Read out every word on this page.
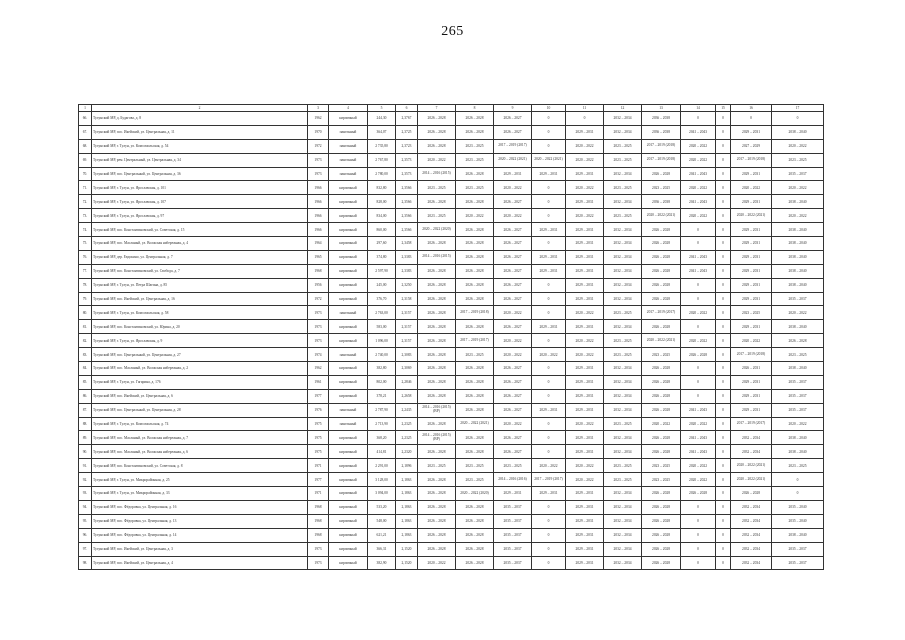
265
1	2	3	4	5	6	7	8	9	10	11	12	13	14	15	16	17
66.	Тулунский МР, д. Будагова, д. 8	1962	кирпичный	244,30	2,3767	2026 – 2028	2026 – 2028	2026 – 2027	0	0	2032 – 2034	2036 – 2038	0	0	0	0
67.	Тулунский МР, пос. Икейский, ул. Центральная, д. 11	1970	панельный	364,07	2,3725	2026 – 2028	2026 – 2028	2026 – 2027	0	2029 – 2031	2032 – 2034	2036 – 2038	2041 – 2043	0	2029 – 2031	2038 – 2040
68.	Тулунский МР, г. Тулун, ул. Комсомольская, д. 54	1972	панельный	2 735,80	2,3723	2026 – 2028	2023 – 2025	2017 – 2019 (2017)	0	2020 – 2022	2023 – 2025	2017 – 2019 (2018)	2020 – 2022	0	2027 – 2029	2020 – 2022
69.	Тулунский МР, рем. Центральный, ул. Центральная, д. 34	1973	панельный	2 767,80	2,3573	2020 – 2022	2023 – 2025	2020 – 2022 (2021)	2020 – 2022 (2021)	2020 – 2022	2023 – 2025	2017 – 2019 (2018)	2020 – 2022	0	2017 – 2019 (2018)	2023 – 2025
70.	Тулунский МР, пос. Центральный, ул. Центральная, д. 36	1973	панельный	2 780,00	2,3573	2014 – 2016 (2015)	2026 – 2028	2029 – 2031	2029 – 2031	2029 – 2031	2032 – 2034	2026 – 2028	2041 – 2043	0	2029 – 2031	2035 – 2037
71.	Тулунский МР, г. Тулун, ул. Ярославская, д. 101	1966	кирпичный	832,80	2,3566	2023 – 2025	2023 – 2025	2020 – 2022	0	2020 – 2022	2023 – 2025	2023 – 2025	2020 – 2022	0	2020 – 2022	2020 – 2022
72.	Тулунский МР, г. Тулун, ул. Ярославская, д. 107	1966	кирпичный	828,00	2,3566	2026 – 2028	2026 – 2028	2026 – 2027	0	2029 – 2031	2032 – 2034	2036 – 2038	2041 – 2043	0	2029 – 2031	2038 – 2040
73.	Тулунский МР, г. Тулун, ул. Ярославская, д. 97	1966	кирпичный	834,00	2,3566	2023 – 2025	2020 – 2022	2020 – 2022	0	2020 – 2022	2023 – 2025	2020 – 2022 (2021)	2020 – 2022	0	2020 – 2022 (2021)	2020 – 2022
74.	Тулунский МР, пос. Константиновский, ул. Советская, д. 15	1966	кирпичный	860,00	2,3566	2020 – 2022 (2020)	2026 – 2028	2026 – 2027	2029 – 2031	2029 – 2031	2032 – 2034	2026 – 2028	0	0	2029 – 2031	2038 – 2040
75.	Тулунский МР, пос. Масляный, ул. Волжская набережная, д. 4	1964	кирпичный	297,60	2,3458	2026 – 2028	2026 – 2028	2026 – 2027	0	2029 – 2031	2032 – 2034	2026 – 2028	0	0	2029 – 2031	2038 – 2040
76.	Тулунский МР, дер. Евдокино, ул. Центральная, д. 7	1965	кирпичный	374,80	2,3383	2014 – 2016 (2015)	2026 – 2028	2026 – 2027	2029 – 2031	2029 – 2031	2032 – 2034	2026 – 2028	2041 – 2043	0	2029 – 2031	2038 – 2040
77.	Тулунский МР, пос. Константиновский, ул. Свобода, д. 7	1968	кирпичный	2 597,90	2,3383	2026 – 2028	2026 – 2028	2026 – 2027	2029 – 2031	2029 – 2031	2032 – 2034	2026 – 2028	2041 – 2043	0	2029 – 2031	2038 – 2040
78.	Тулунский МР, г. Тулун, ул. Петра Шагина, д. 85	1956	кирпичный	245,00	2,3250	2026 – 2028	2026 – 2028	2026 – 2027	0	2029 – 2031	2032 – 2034	2026 – 2028	0	0	2029 – 2031	2038 – 2040
79.	Тулунский МР, пос. Икейский, ул. Центральная, д. 16	1972	кирпичный	376,70	2,3158	2026 – 2028	2026 – 2028	2026 – 2027	0	2029 – 2031	2032 – 2034	2026 – 2028	0	0	2029 – 2031	2035 – 2037
80.	Тулунский МР, г. Тулун, ул. Комсомольская, д. 58	1973	панельный	2 763,00	2,3157	2026 – 2028	2017 – 2019 (2018)	2020 – 2022	0	2020 – 2022	2023 – 2025	2017 – 2019 (2017)	2020 – 2022	0	2023 – 2025	2020 – 2022
81.	Тулунский МР, пос. Константиновский, ул. Юрина, д. 20	1973	кирпичный	583,00	2,3157	2026 – 2028	2026 – 2028	2026 – 2027	2029 – 2031	2029 – 2031	2032 – 2034	2026 – 2028	0	0	2029 – 2031	2038 – 2040
82.	Тулунский МР, г. Тулун, ул. Ярославская, д. 9	1973	кирпичный	1 096,00	2,3157	2026 – 2028	2017 – 2019 (2017)	2020 – 2022	0	2020 – 2022	2023 – 2025	2020 – 2022 (2021)	2020 – 2022	0	2020 – 2022	2026 – 2028
83.	Тулунский МР, пос. Центральный, ул. Центральная, д. 27	1974	панельный	2 740,00	2,3083	2026 – 2028	2023 – 2025	2020 – 2022	2020 – 2022	2020 – 2022	2023 – 2025	2023 – 2025	2026 – 2028	0	2017 – 2019 (2018)	2023 – 2025
84.	Тулунский МР, пос. Масляный, ул. Волжская набережная, д. 2	1962	кирпичный	382,80	2,3069	2026 – 2028	2026 – 2028	2026 – 2027	0	2029 – 2031	2032 – 2034	2026 – 2028	0	0	2026 – 2031	2038 – 2040
85.	Тулунский МР, г. Тулун, ул. Гагарина, д. 176	1961	кирпичный	802,00	2,2846	2026 – 2028	2026 – 2028	2026 – 2027	0	2029 – 2031	2032 – 2034	2026 – 2028	0	0	2029 – 2031	2035 – 2037
86.	Тулунский МР, пос. Икейский, ул. Центральная, д. 6	1977	кирпичный	378,21	2,2658	2026 – 2028	2026 – 2028	2026 – 2027	0	2029 – 2031	2032 – 2034	2026 – 2028	0	0	2029 – 2031	2035 – 2037
87.	Тулунский МР, пос. Центральный, ул. Центральная, д. 28	1976	панельный	2 787,90	2,2435	2014 – 2016 (2015)(ВР)	2026 – 2028	2026 – 2027	2029 – 2031	2029 – 2031	2032 – 2034	2026 – 2028	2041 – 2043	0	2029 – 2031	2035 – 2037
88.	Тулунский МР, г. Тулун, ул. Комсомольская, д. 74	1975	панельный	2 713,90	2,2325	2026 – 2028	2020 – 2022 (2021)	2020 – 2022	0	2020 – 2022	2023 – 2025	2020 – 2022	2020 – 2022	0	2017 – 2019 (2017)	2020 – 2022
89.	Тулунский МР, пос. Масляный, ул. Волжская набережная, д. 7	1975	кирпичный	368,20	2,2325	2014 – 2016 (2015)(ВР)	2026 – 2028	2026 – 2027	0	2029 – 2031	2032 – 2034	2026 – 2028	2041 – 2043	0	2032 – 2034	2038 – 2040
90.	Тулунский МР, пос. Масляный, ул. Волжская набережная, д. 6	1975	кирпичный	414,81	2,2320	2026 – 2028	2026 – 2028	2026 – 2027	0	2029 – 2031	2032 – 2034	2026 – 2028	2041 – 2043	0	2032 – 2034	2038 – 2040
91.	Тулунский МР, пос. Константиновский, ул. Советская, д. 8	1971	кирпичный	2 291,00	2,1896	2023 – 2025	2023 – 2025	2023 – 2025	2020 – 2022	2020 – 2022	2023 – 2025	2023 – 2025	2020 – 2022	0	2020 – 2022 (2021)	2023 – 2025
92.	Тулунский МР, г. Тулун, ул. Микрорайонная, д. 25	1977	кирпичный	3 128,00	2,1863	2026 – 2028	2023 – 2025	2014 – 2016 (2016)	2017 – 2019 (2017)	2020 – 2022	2023 – 2025	2023 – 2025	2020 – 2022	0	2020 – 2022 (2021)	0
93.	Тулунский МР, г. Тулун, ул. Микрорайонная, д. 33	1971	кирпичный	3 094,00	2,1863	2026 – 2028	2020 – 2022 (2020)	2029 – 2031	2029 – 2031	2029 – 2031	2032 – 2034	2026 – 2028	2026 – 2028	0	2026 – 2028	0
94.	Тулунский МР, пос. Фёдоровка, ул. Центральная, д. 16	1968	кирпичный	533,20	2,1863	2026 – 2028	2026 – 2028	2035 – 2037	0	2029 – 2031	2032 – 2034	2026 – 2028	0	0	2032 – 2034	2035 – 2040
95.	Тулунский МР, пос. Фёдоровка, ул. Центральная, д. 13	1968	кирпичный	548,00	2,1863	2026 – 2028	2026 – 2028	2035 – 2037	0	2029 – 2031	2032 – 2034	2026 – 2028	0	0	2032 – 2034	2035 – 2040
96.	Тулунский МР, пос. Фёдоровка, ул. Центральная, д. 14	1968	кирпичный	621,21	2,1863	2026 – 2028	2026 – 2028	2035 – 2037	0	2029 – 2031	2032 – 2034	2026 – 2028	0	0	2032 – 2034	2038 – 2040
97.	Тулунский МР, пос. Икейский, ул. Центральная, д. 3	1973	кирпичный	366,31	2,1520	2026 – 2028	2026 – 2028	2035 – 2037	0	2029 – 2031	2032 – 2034	2026 – 2028	0	0	2032 – 2034	2035 – 2037
98.	Тулунский МР, пос. Икейский, ул. Центральная, д. 4	1973	кирпичный	382,90	2,1520	2020 – 2022	2026 – 2028	2035 – 2037	0	2029 – 2031	2032 – 2034	2026 – 2028	0	0	2032 – 2034	2035 – 2037
